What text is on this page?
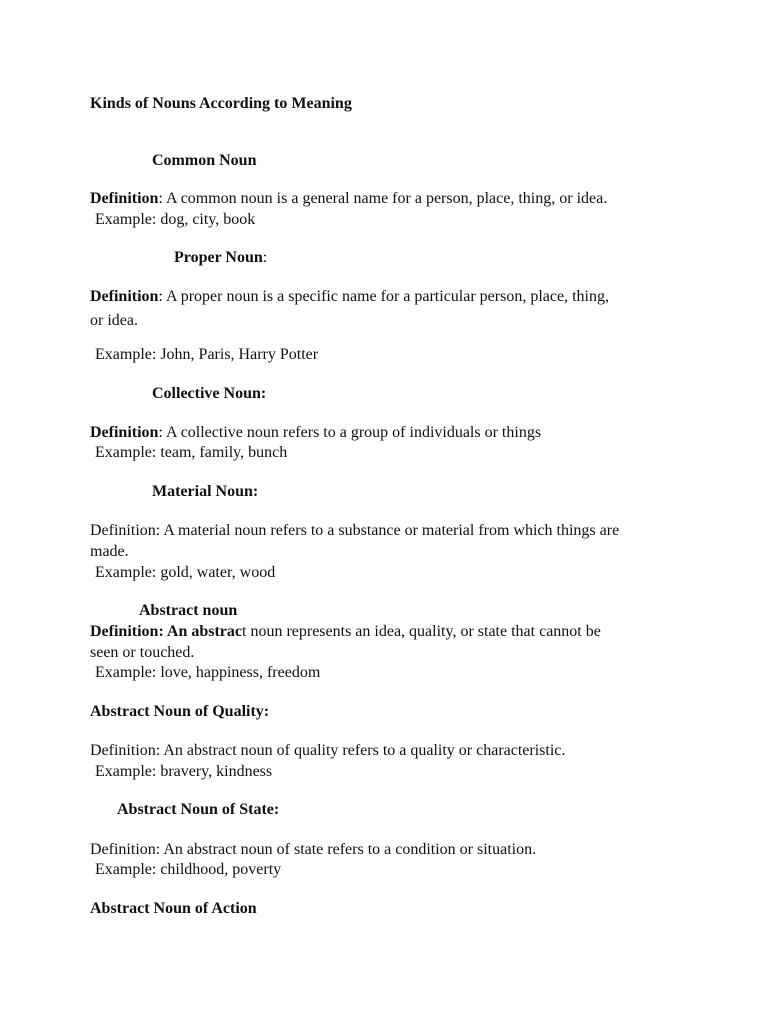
Kinds of Nouns According to Meaning
Common Noun
Definition: A common noun is a general name for a person, place, thing, or idea.
Example: dog, city, book
Proper Noun:
Definition: A proper noun is a specific name for a particular person, place, thing,
or idea.
Example: John, Paris, Harry Potter
Collective Noun:
Definition: A collective noun refers to a group of individuals or things
Example: team, family, bunch
Material Noun:
Definition: A material noun refers to a substance or material from which things are
made.
Example: gold, water, wood
Abstract noun
Definition: An abstract noun represents an idea, quality, or state that cannot be
seen or touched.
Example: love, happiness, freedom
Abstract Noun of Quality:
Definition: An abstract noun of quality refers to a quality or characteristic.
Example: bravery, kindness
Abstract Noun of State:
Definition: An abstract noun of state refers to a condition or situation.
Example: childhood, poverty
Abstract Noun of Action
